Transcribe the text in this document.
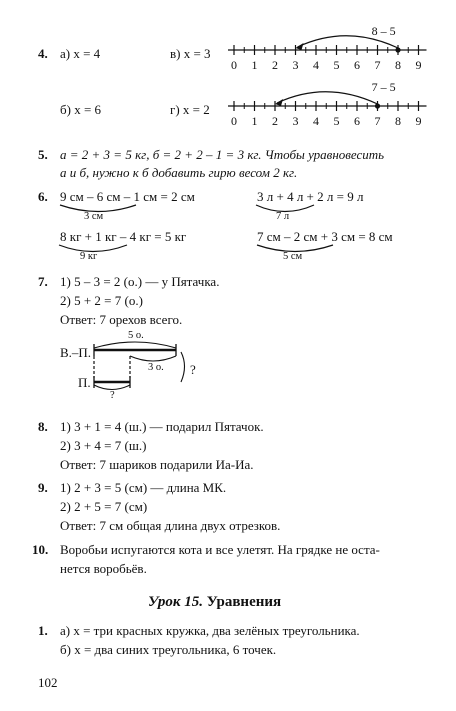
4. а) x = 4	в) x = 3
б) x = 6	г) x = 2
0 1 2 3 4 5 6 7 8 9
8 – 5
0 1 2 3 4 5 6 7 8 9
7 – 5
5. a = 2 + 3 = 5 кг, б = 2 + 2 – 1 = 3 кг. Чтобы уравновесить
a и б, нужно к б добавить гирю весом 2 кг.
6. 9 см – 6 см – 1 см = 2 см
3 см
3 л + 4 л + 2 л = 9 л
7 л
8 кг + 1 кг – 4 кг = 5 кг
9 кг
7 см – 2 см + 3 см = 8 см
5 см
7. 1) 5 – 3 = 2 (о.) — у Пятачка.
2) 5 + 2 = 7 (о.)
Ответ: 7 орехов всего.
В.–П.
П.
5 о.
3 о. ?
?
8. 1) 3 + 1 = 4 (ш.) — подарил Пятачок.
2) 3 + 4 = 7 (ш.)
Ответ: 7 шариков подарили Иа-Иа.
9. 1) 2 + 3 = 5 (см) — длина МК.
2) 2 + 5 = 7 (см)
Ответ: 7 см общая длина двух отрезков.
10. Воробьи испугаются кота и все улетят. На грядке не оста-
нется воробьёв.
Урок 15. Уравнения
1. а) x = три красных кружка, два зелёных треугольника.
б) x = два синих треугольника, 6 точек.
102
